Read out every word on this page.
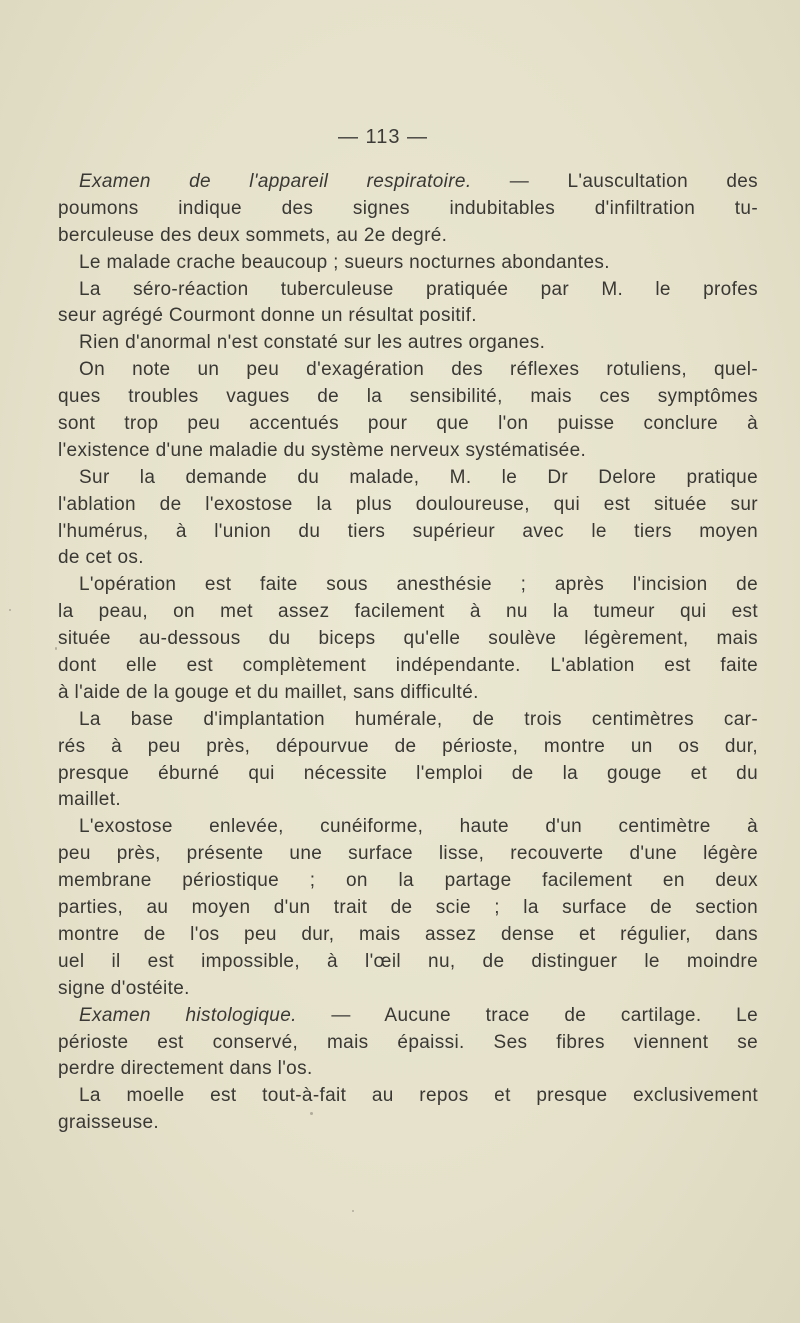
— 113 —
Examen de l'appareil respiratoire. — L'auscultation des
poumons indique des signes indubitables d'infiltration tu-
berculeuse des deux sommets, au 2e degré.
Le malade crache beaucoup ; sueurs nocturnes abondantes.
La séro-réaction tuberculeuse pratiquée par M. le profes
seur agrégé Courmont donne un résultat positif.
Rien d'anormal n'est constaté sur les autres organes.
On note un peu d'exagération des réflexes rotuliens, quel-
ques troubles vagues de la sensibilité, mais ces symptômes
sont trop peu accentués pour que l'on puisse conclure à
l'existence d'une maladie du système nerveux systématisée.
Sur la demande du malade, M. le Dr Delore pratique
l'ablation de l'exostose la plus douloureuse, qui est située sur
l'humérus, à l'union du tiers supérieur avec le tiers moyen
de cet os.
L'opération est faite sous anesthésie ; après l'incision de
la peau, on met assez facilement à nu la tumeur qui est
située au-dessous du biceps qu'elle soulève légèrement, mais
dont elle est complètement indépendante. L'ablation est faite
à l'aide de la gouge et du maillet, sans difficulté.
La base d'implantation humérale, de trois centimètres car-
rés à peu près, dépourvue de périoste, montre un os dur,
presque éburné qui nécessite l'emploi de la gouge et du
maillet.
L'exostose enlevée, cunéiforme, haute d'un centimètre à
peu près, présente une surface lisse, recouverte d'une légère
membrane périostique ; on la partage facilement en deux
parties, au moyen d'un trait de scie ; la surface de section
montre de l'os peu dur, mais assez dense et régulier, dans
uel il est impossible, à l'œil nu, de distinguer le moindre
signe d'ostéite.
Examen histologique. — Aucune trace de cartilage. Le
périoste est conservé, mais épaissi. Ses fibres viennent se
perdre directement dans l'os.
La moelle est tout-à-fait au repos et presque exclusivement
graisseuse.
